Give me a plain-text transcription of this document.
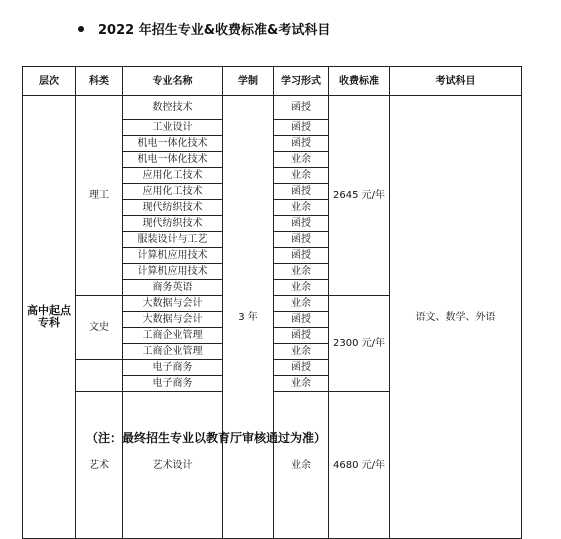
2022 年招生专业&收费标准&考试科目
层次	科类	专业名称	学制	学习形式	收费标准	考试科目	
高中起点专科	理工	数控技术	3 年	函授	2645 元/年	语文、数学、外语	
		工业设计		函授			
		机电一体化技术		函授			
		机电一体化技术		业余			
		应用化工技术		业余			
		应用化工技术		函授			
		现代纺织技术		业余			
		现代纺织技术		函授			
		服装设计与工艺		函授			
		计算机应用技术		函授			
		计算机应用技术		业余			
		商务英语		业余			
	文史	大数据与会计		业余	2300 元/年		
		大数据与会计		函授			
		工商企业管理		函授			
		工商企业管理		业余			
		电子商务		函授			
		电子商务		业余			
	艺术	艺术设计		业余	4680 元/年	
（注：最终招生专业以教育厅审核通过为准）
